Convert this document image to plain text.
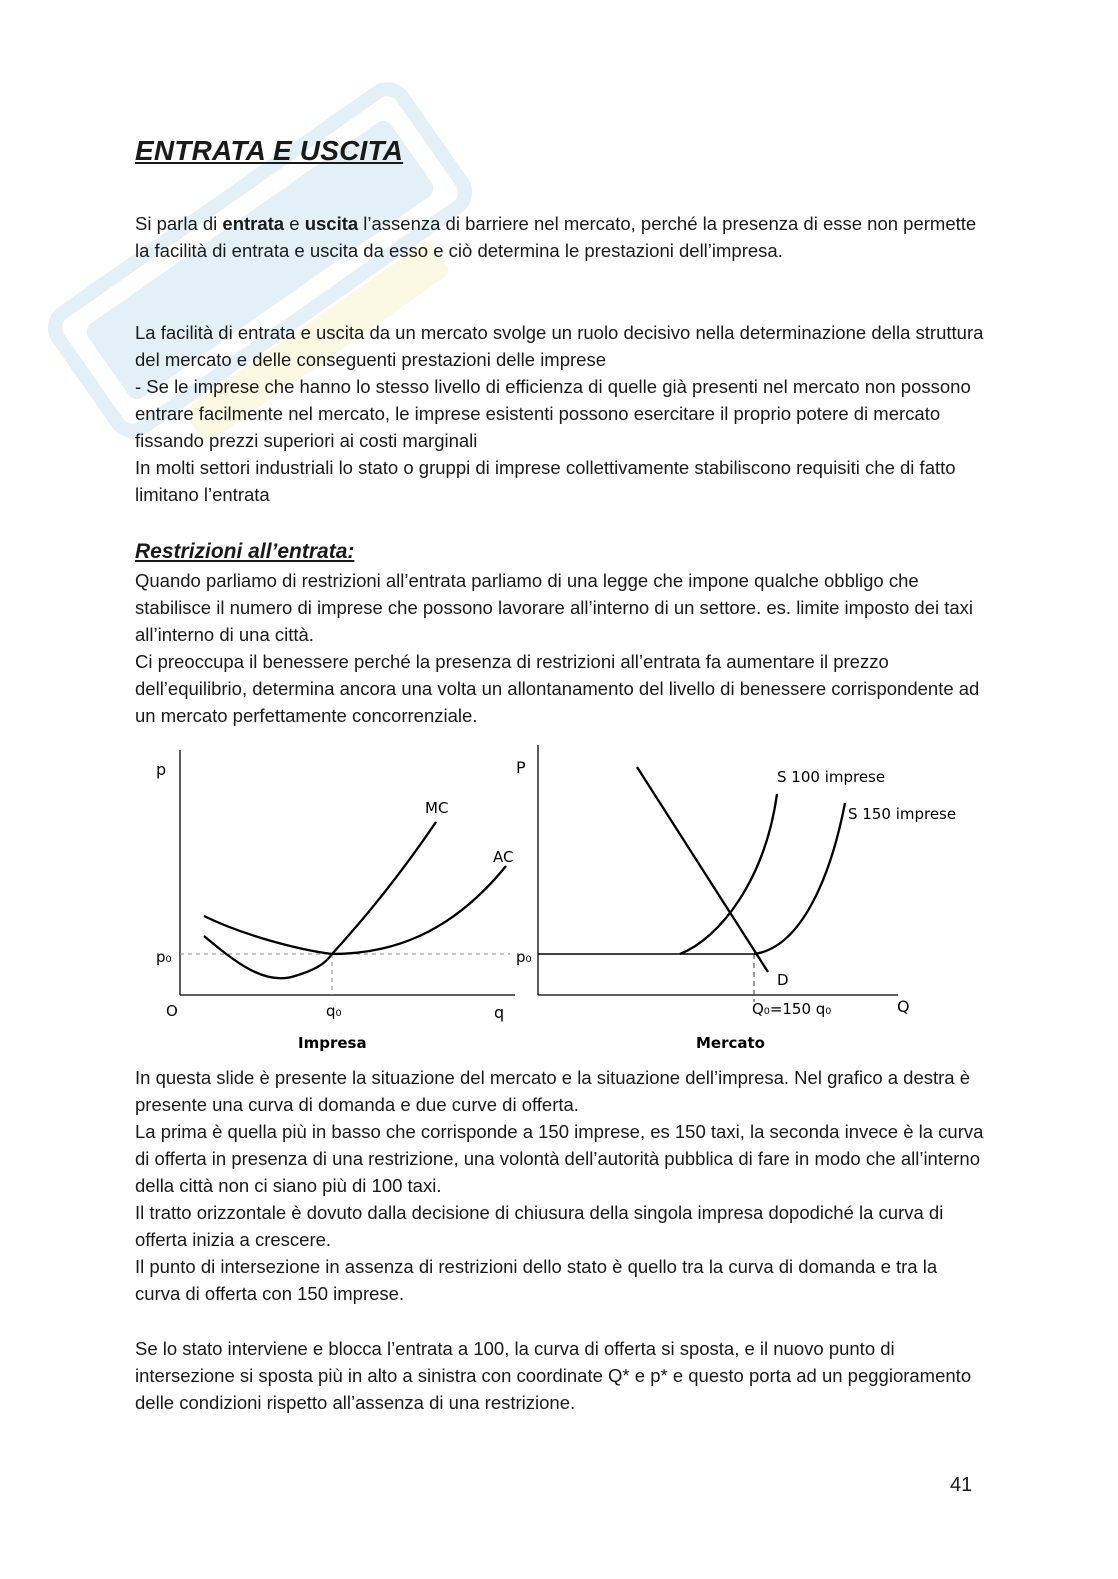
ENTRATA E USCITA

Si parla di entrata e uscita l’assenza di barriere nel mercato, perché la presenza di esse non permette la facilità di entrata e uscita da esso e ciò determina le prestazioni dell’impresa.

La facilità di entrata e uscita da un mercato svolge un ruolo decisivo nella determinazione della struttura del mercato e delle conseguenti prestazioni delle imprese

- Se le imprese che hanno lo stesso livello di efficienza di quelle già presenti nel mercato non possono entrare facilmente nel mercato, le imprese esistenti possono esercitare il proprio potere di mercato fissando prezzi superiori ai costi marginali

In molti settori industriali lo stato o gruppi di imprese collettivamente stabiliscono requisiti che di fatto limitano l’entrata

Restrizioni all’entrata:

Quando parliamo di restrizioni all’entrata parliamo di una legge che impone qualche obbligo che stabilisce il numero di imprese che possono lavorare all’interno di un settore. es. limite imposto dei taxi all’interno di una città.

Ci preoccupa il benessere perché la presenza di restrizioni all’entrata fa aumentare il prezzo dell’equilibrio, determina ancora una volta un allontanamento del livello di benessere corrispondente ad un mercato perfettamente concorrenziale.

In questa slide è presente la situazione del mercato e la situazione dell’impresa. Nel grafico a destra è presente una curva di domanda e due curve di offerta.

La prima è quella più in basso che corrisponde a 150 imprese, es 150 taxi, la seconda invece è la curva di offerta in presenza di una restrizione, una volontà dell’autorità pubblica di fare in modo che all’interno della città non ci siano più di 100 taxi.

Il tratto orizzontale è dovuto dalla decisione di chiusura della singola impresa dopodiché la curva di offerta inizia a crescere.

Il punto di intersezione in assenza di restrizioni dello stato è quello tra la curva di domanda e tra la curva di offerta con 150 imprese.

Se lo stato interviene e blocca l’entrata a 100, la curva di offerta si sposta, e il nuovo punto di intersezione si sposta più in alto a sinistra con coordinate Q* e p* e questo porta ad un peggioramento delle condizioni rispetto all’assenza di una restrizione.

p
O	q
p₀
q₀
MC
AC
Impresa
P
Q
p₀
S 100 imprese
S 150 imprese
D
Q₀=150 q₀
Mercato
41
